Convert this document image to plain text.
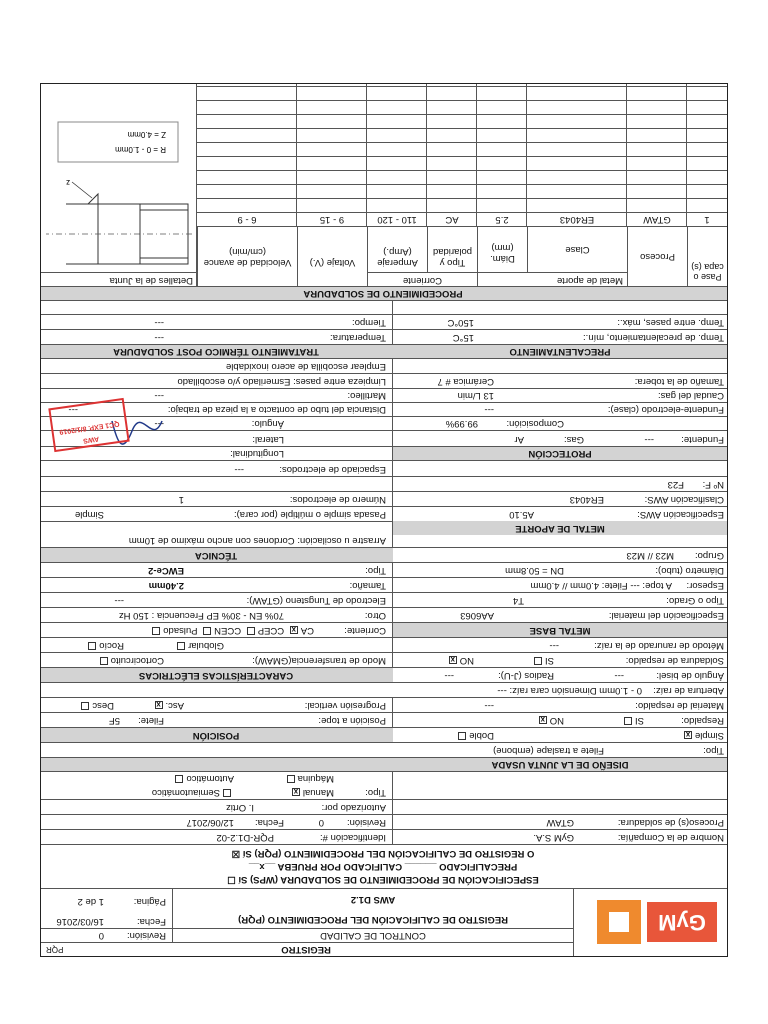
GyM
REGISTRO
PQR
CONTROL DE CALIDAD
Revisión:
0
REGISTRO DE CALIFICACIÓN DEL PROCEDIMIENTO (PQR)
AWS D1.2
Fecha:
16/03/2016
Página:
1 de 2
ESPECIFICACIÓN DE PROCEDIMIENTO DE SOLDADURA (WPS) Sí ☐
PRECALIFICADO ______ CALIFICADO POR PRUEBA __x__
O REGISTRO DE CALIFICACIÓN DEL PROCEDIMIENTO (PQR) Sí ☒
Nombre de la Compañía:
GyM S.A.
Identificación #:
PQR-D1.2-02
Proceso(s) de soldadura:
GTAW
Revisión:
0
Fecha:
12/06/2017
Autorizado por:
I. Ortiz
Tipo:
Manualx
Semiautomático
Máquina
Automático
DISEÑO DE LA JUNTA USADA
Tipo:
Filete a traslape (embone)
Simplex
Doble
POSICIÓN
Respaldo:
SI
NOx
Posición a tope:
Filete:
5F
Material de respaldo:
---
Progresión vertical:
Asc.x
Desc
Abertura de raíz:
0 - 1.0mm Dimensión cara raíz: ---
Ángulo de bisel:
---
Radios (J-U):
---
CARACTERÍSTICAS ELÉCTRICAS
Soldadura de respaldo:
SI
NOx
Modo de transferencia(GMAW):
Cortocircuito
Método de ranurado de la raíz:
---
Globular
Rocío
METAL BASE
Corriente:
CAx CCEP CCEN Pulsado
Especificación del material:
AA6063
Otro:
70% EN - 30% EP Frecuencia : 150 Hz
Tipo o Grado:
T4
Electrodo de Tungsteno (GTAW):
---
Espesor:
A tope: --- Filete: 4.0mm // 4.0mm
Tamaño:
2.40mm
Diámetro (tubo):
DN = 50.8mm
Tipo:
EWCe-2
Grupo:
M23 // M23
TÉCNICA
METAL DE APORTE
Arrastre u oscilación: Cordones con ancho máximo de 10mm
Especificación AWS:
A5.10
Pasada simple o múltiple (por cara):
Simple
Clasificación AWS:
ER4043
Número de electrodos:
1
Nº F:
F23
Espaciado de electrodos:
---
PROTECCIÓN
Longitudinal:
Fundente:
---
Gas:
Ar
Lateral:
Composición:
99.99%
Ángulo:
---
Fundente-electrodo (clase):
---
Distancia del tubo de contacto a la pieza de trabajo:
---
Caudal del gas:
13 L/min
Martilleo:
---
Tamaño de la tobera:
Cerámica # 7
Limpieza entre pases: Esmerilado y/o escobillado
Emplear escobilla de acero inoxidable
PRECALENTAMIENTO
TRATAMIENTO TÉRMICO POST SOLDADURA
Temp. de precalentamiento, mín.:
15°C
Temperatura:
---
Temp. entre pases, máx.:
150°C
Tiempo:
---
PROCEDIMIENTO DE SOLDADURA
Pase o capa (s)
Proceso
Metal de aporte
Clase
Diám. (mm)
Corriente
Tipo y polaridad
Amperaje (Amp.)
Voltaje (V.)
Velocidad de avance (cm/min)
Detalles de la Junta
1
GTAW
ER4043
2.5
AC
110 - 120
9 - 15
6 - 9
z
R = 0 - 1.0mm
Z = 4.0mm
AWS
QC1 EXP. 8/1/2019
